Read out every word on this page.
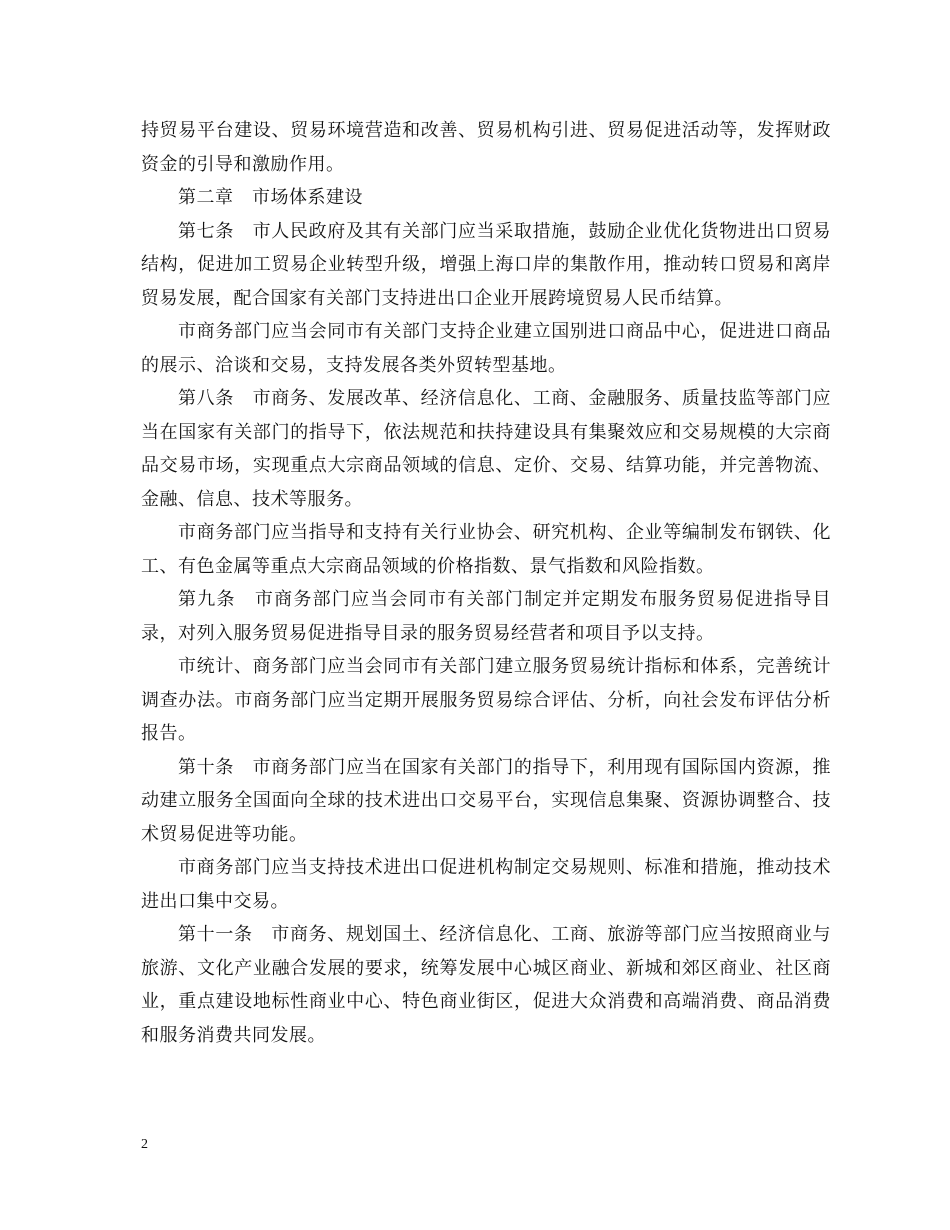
持贸易平台建设、贸易环境营造和改善、贸易机构引进、贸易促进活动等，发挥财政资金的引导和激励作用。

第二章　市场体系建设

第七条　市人民政府及其有关部门应当采取措施，鼓励企业优化货物进出口贸易结构，促进加工贸易企业转型升级，增强上海口岸的集散作用，推动转口贸易和离岸贸易发展，配合国家有关部门支持进出口企业开展跨境贸易人民币结算。

市商务部门应当会同市有关部门支持企业建立国别进口商品中心，促进进口商品的展示、洽谈和交易，支持发展各类外贸转型基地。

第八条　市商务、发展改革、经济信息化、工商、金融服务、质量技监等部门应当在国家有关部门的指导下，依法规范和扶持建设具有集聚效应和交易规模的大宗商品交易市场，实现重点大宗商品领域的信息、定价、交易、结算功能，并完善物流、金融、信息、技术等服务。

市商务部门应当指导和支持有关行业协会、研究机构、企业等编制发布钢铁、化工、有色金属等重点大宗商品领域的价格指数、景气指数和风险指数。

第九条　市商务部门应当会同市有关部门制定并定期发布服务贸易促进指导目录，对列入服务贸易促进指导目录的服务贸易经营者和项目予以支持。

市统计、商务部门应当会同市有关部门建立服务贸易统计指标和体系，完善统计调查办法。市商务部门应当定期开展服务贸易综合评估、分析，向社会发布评估分析报告。

第十条　市商务部门应当在国家有关部门的指导下，利用现有国际国内资源，推动建立服务全国面向全球的技术进出口交易平台，实现信息集聚、资源协调整合、技术贸易促进等功能。

市商务部门应当支持技术进出口促进机构制定交易规则、标准和措施，推动技术进出口集中交易。

第十一条　市商务、规划国土、经济信息化、工商、旅游等部门应当按照商业与旅游、文化产业融合发展的要求，统筹发展中心城区商业、新城和郊区商业、社区商业，重点建设地标性商业中心、特色商业街区，促进大众消费和高端消费、商品消费和服务消费共同发展。

2
